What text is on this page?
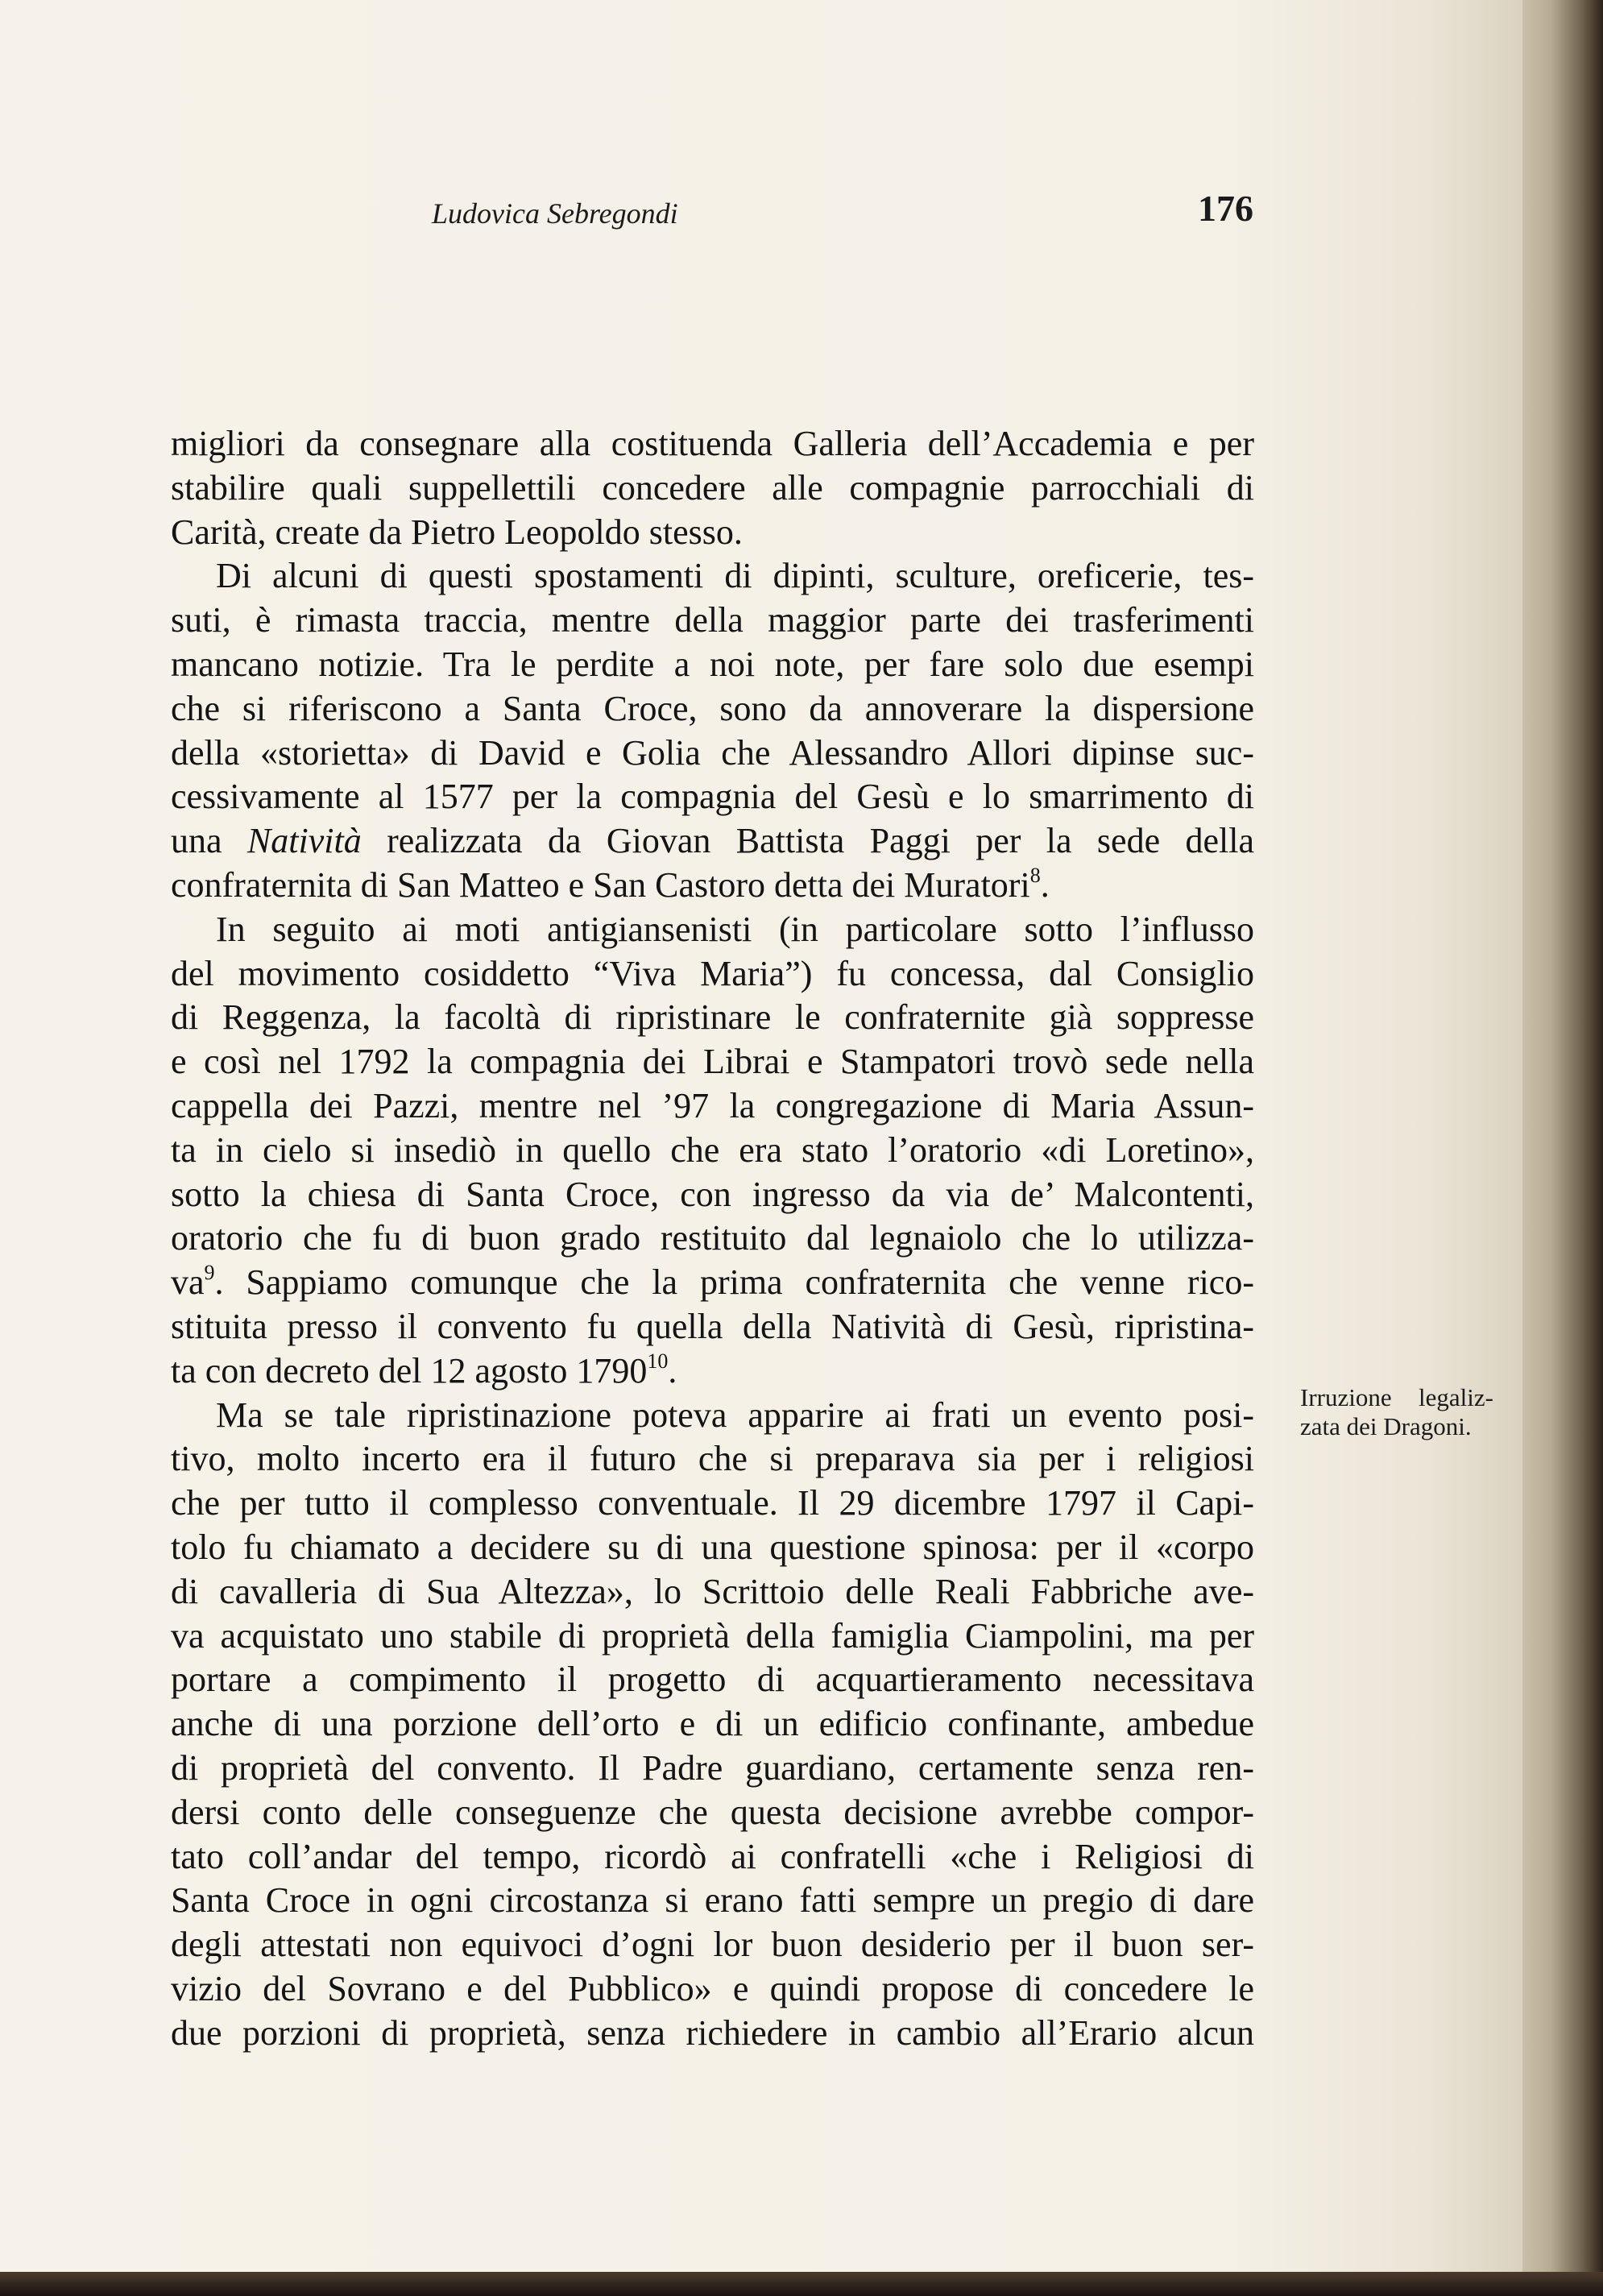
Ludovica Sebregondi	176
migliori da consegnare alla costituenda Galleria dell’Accademia e per
stabilire quali suppellettili concedere alle compagnie parrocchiali di
Carità, create da Pietro Leopoldo stesso.
Di alcuni di questi spostamenti di dipinti, sculture, oreficerie, tes-
suti, è rimasta traccia, mentre della maggior parte dei trasferimenti
mancano notizie. Tra le perdite a noi note, per fare solo due esempi
che si riferiscono a Santa Croce, sono da annoverare la dispersione
della «storietta» di David e Golia che Alessandro Allori dipinse suc-
cessivamente al 1577 per la compagnia del Gesù e lo smarrimento di
una Natività realizzata da Giovan Battista Paggi per la sede della
confraternita di San Matteo e San Castoro detta dei Muratori$^8$.
In seguito ai moti antigiansenisti (in particolare sotto l’influsso
del movimento cosiddetto “Viva Maria”) fu concessa, dal Consiglio
di Reggenza, la facoltà di ripristinare le confraternite già soppresse
e così nel 1792 la compagnia dei Librai e Stampatori trovò sede nella
cappella dei Pazzi, mentre nel ’97 la congregazione di Maria Assun-
ta in cielo si insediò in quello che era stato l’oratorio «di Loretino»,
sotto la chiesa di Santa Croce, con ingresso da via de’ Malcontenti,
oratorio che fu di buon grado restituito dal legnaiolo che lo utilizza-
$va^9$. Sappiamo comunque che la prima confraternita che venne rico-
stituita presso il convento fu quella della Natività di Gesù, ripristina-
ta con decreto del 12 agosto 1790$^{10}$.
Ma se tale ripristinazione poteva apparire ai frati un evento posi-
tivo, molto incerto era il futuro che si preparava sia per i religiosi
che per tutto il complesso conventuale. Il 29 dicembre 1797 il Capi-
tolo fu chiamato a decidere su di una questione spinosa: per il «corpo
di cavalleria di Sua Altezza», lo Scrittoio delle Reali Fabbriche ave-
va acquistato uno stabile di proprietà della famiglia Ciampolini, ma per
portare a compimento il progetto di acquartieramento necessitava
anche di una porzione dell’orto e di un edificio confinante, ambedue
di proprietà del convento. Il Padre guardiano, certamente senza ren-
dersi conto delle conseguenze che questa decisione avrebbe compor-
tato coll’andar del tempo, ricordò ai confratelli «che i Religiosi di
Santa Croce in ogni circostanza si erano fatti sempre un pregio di dare
degli attestati non equivoci d’ogni lor buon desiderio per il buon ser-
vizio del Sovrano e del Pubblico» e quindi propose di concedere le
due porzioni di proprietà, senza richiedere in cambio all’Erario alcun
Irruzione legaliz-
zata dei Dragoni.
